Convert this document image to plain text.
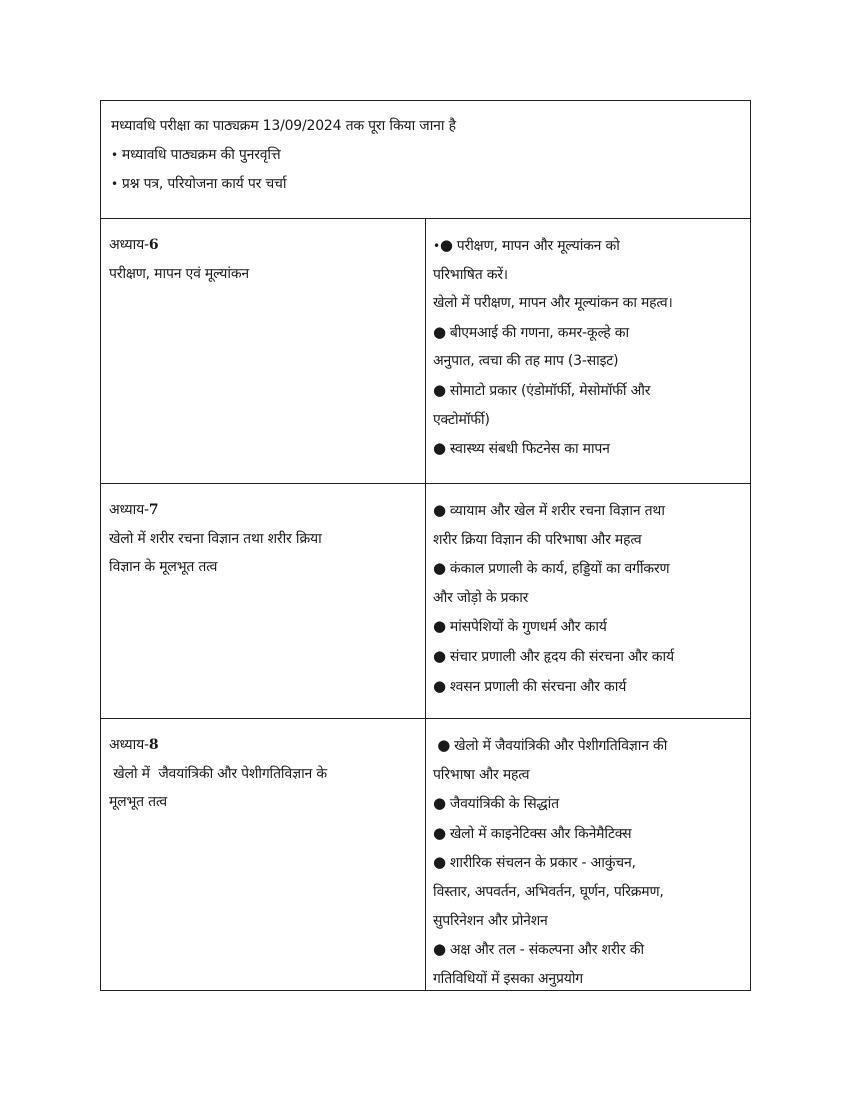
मध्यावधि परीक्षा का पाठ्यक्रम 13/09/2024 तक पूरा किया जाना है
• मध्यावधि पाठ्यक्रम की पुनरवृत्ति
• प्रश्न पत्र, परियोजना कार्य पर चर्चा
अध्याय-6
परीक्षण, मापन एवं मूल्यांकन
•● परीक्षण, मापन और मूल्यांकन को
परिभाषित करें।
खेलो में परीक्षण, मापन और मूल्यांकन का महत्व।
● बीएमआई की गणना, कमर-कूल्हे का
अनुपात, त्वचा की तह माप (3-साइट)
● सोमाटो प्रकार (एंडोमॉर्फी, मेसोमॉर्फी और
एक्टोमॉर्फी)
● स्वास्थ्य संबधी फिटनेस का मापन
अध्याय-7
खेलो में शरीर रचना विज्ञान तथा शरीर क्रिया
विज्ञान के मूलभूत तत्व
● व्यायाम और खेल में शरीर रचना विज्ञान तथा
शरीर क्रिया विज्ञान की परिभाषा और महत्व
● कंकाल प्रणाली के कार्य, हड्डियों का वर्गीकरण
और जोड़ो के प्रकार
● मांसपेशियों के गुणधर्म और कार्य
● संचार प्रणाली और हृदय की संरचना और कार्य
● श्वसन प्रणाली की संरचना और कार्य
अध्याय-8
खेलो में  जैवयांत्रिकी और पेशीगतिविज्ञान के
मूलभूत तत्व
● खेलो में जैवयांत्रिकी और पेशीगतिविज्ञान की
परिभाषा और महत्व
● जैवयांत्रिकी के सिद्धांत
● खेलो में काइनेटिक्स और किनेमैटिक्स
● शारीरिक संचलन के प्रकार - आकुंचन,
विस्तार, अपवर्तन, अभिवर्तन, घूर्णन, परिक्रमण,
सुपरिनेशन और प्रोनेशन
● अक्ष और तल - संकल्पना और शरीर की
गतिविधियों में इसका अनुप्रयोग
